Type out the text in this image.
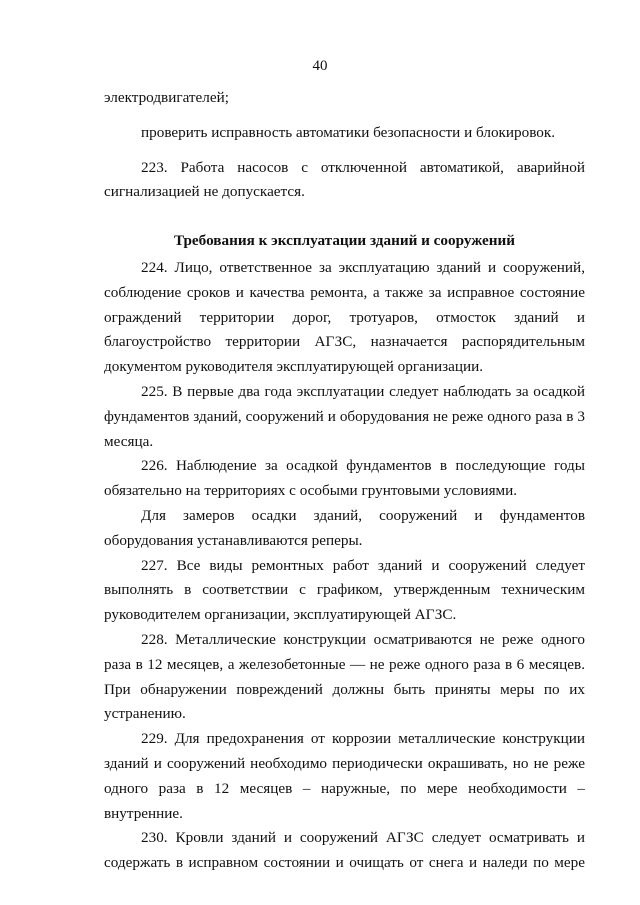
40

электродвигателей;

проверить исправность автоматики безопасности и блокировок.

223. Работа насосов с отключенной автоматикой, аварийной сигнализацией не допускается.

Требования к эксплуатации зданий и сооружений

224. Лицо, ответственное за эксплуатацию зданий и сооружений, соблюдение сроков и качества ремонта, а также за исправное состояние ограждений территории дорог, тротуаров, отмосток зданий и благоустройство территории АГЗС, назначается распорядительным документом руководителя эксплуатирующей организации.

225. В первые два года эксплуатации следует наблюдать за осадкой фундаментов зданий, сооружений и оборудования не реже одного раза в 3 месяца.

226. Наблюдение за осадкой фундаментов в последующие годы обязательно на территориях с особыми грунтовыми условиями.

Для замеров осадки зданий, сооружений и фундаментов оборудования устанавливаются реперы.

227. Все виды ремонтных работ зданий и сооружений следует выполнять в соответствии с графиком, утвержденным техническим руководителем организации, эксплуатирующей АГЗС.

228. Металлические конструкции осматриваются не реже одного раза в 12 месяцев, а железобетонные — не реже одного раза в 6 месяцев. При обнаружении повреждений должны быть приняты меры по их устранению.

229. Для предохранения от коррозии металлические конструкции зданий и сооружений необходимо периодически окрашивать, но не реже одного раза в 12 месяцев – наружные, по мере необходимости – внутренние.

230. Кровли зданий и сооружений АГЗС следует осматривать и содержать в исправном состоянии и очищать от снега и наледи по мере
